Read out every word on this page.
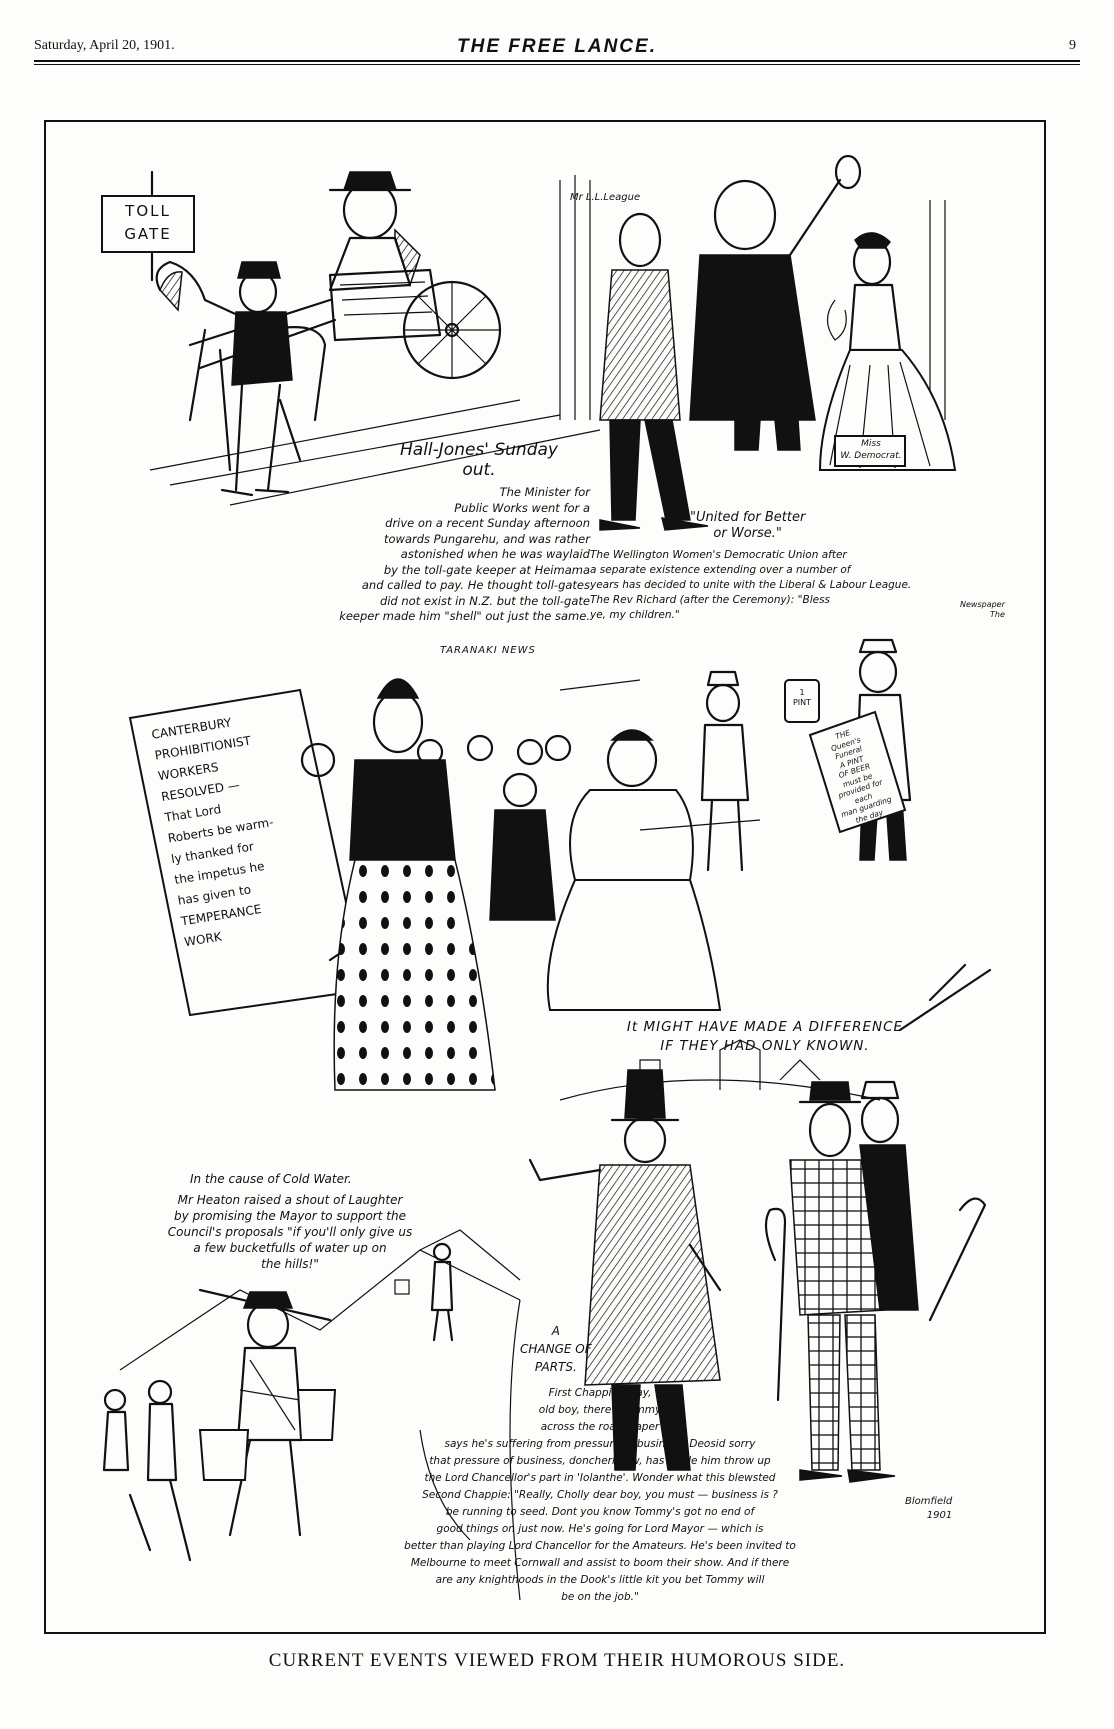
Saturday, April 20, 1901.	THE FREE LANCE.	9
TOLL
GATE
Hall-Jones' Sunday
out.
The Minister for
Public Works went for a
drive on a recent Sunday afternoon
towards Pungarehu, and was rather
astonished when he was waylaid
by the toll-gate keeper at Heimama
and called to pay. He thought toll-gates
did not exist in N.Z. but the toll-gate
keeper made him "shell" out just the same.
TARANAKI NEWS
Mr L.L.League
Miss
W. Democrat.
"United for Better
or Worse."
The Wellington Women's Democratic Union after
a separate existence extending over a number of
years has decided to unite with the Liberal & Labour League.
The Rev Richard (after the Ceremony): "Bless
ye, my children."
Newspaper
The
CANTERBURY
PROHIBITIONIST
WORKERS
RESOLVED —
That Lord
Roberts be warm-
ly thanked for
the impetus he
has given to
TEMPERANCE
WORK
1
PINT
THE
Queen's
Funeral
A PINT
OF BEER
must be
provided for each
man guarding
the day
It MIGHT HAVE MADE A DIFFERENCE
IF THEY HAD ONLY KNOWN.
In the cause of Cold Water.
Mr Heaton raised a shout of Laughter
by promising the Mayor to support the
Council's proposals "if you'll only give us
a few bucketfulls of water up on
the hills!"
A
CHANGE OF
PARTS.
First Chappie: "Say,
old boy, there's Tommy
across the road, Paper
says he's suffering from pressure of business. Deosid sorry
that pressure of business, doncherknew, has made him throw up
the Lord Chancellor's part in 'Iolanthe'. Wonder what this blewsted
Second Chappie: "Really, Cholly dear boy, you must — business is ?
be running to seed. Dont you know Tommy's got no end of
good things on just now. He's going for Lord Mayor — which is
better than playing Lord Chancellor for the Amateurs. He's been invited to
Melbourne to meet Cornwall and assist to boom their show. And if there
are any knighthoods in the Dook's little kit you bet Tommy will
be on the job."
Blomfield
1901
CURRENT EVENTS VIEWED FROM THEIR HUMOROUS SIDE.
